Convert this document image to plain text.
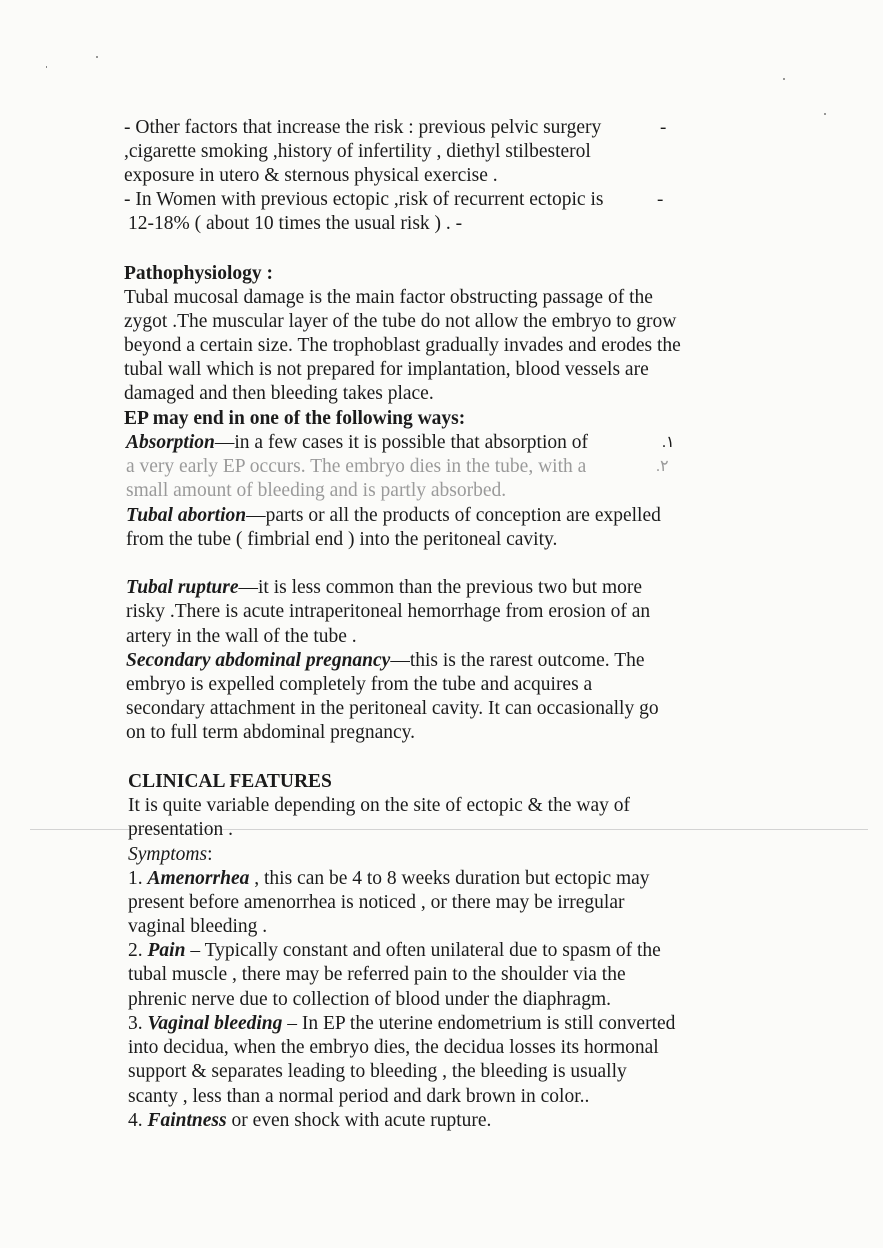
- Other factors that increase the risk : previous pelvic surgery	-
,cigarette smoking ,history of infertility , diethyl stilbesterol
exposure in utero & sternous physical exercise .
- In Women with previous ectopic ,risk of recurrent ectopic is	-
12-18% ( about 10 times the usual risk ) . -
Pathophysiology :
Tubal mucosal damage is the main factor obstructing passage of the
zygot .The muscular layer of the tube do not allow the embryo to grow
beyond a certain size. The trophoblast gradually invades and erodes the
tubal wall which is not prepared for implantation, blood vessels are
damaged and then bleeding takes place.
EP may end in one of the following ways:
Absorption—in a few cases it is possible that absorption of	.١
a very early EP occurs. The embryo dies in the tube, with a	.٢
small amount of bleeding and is partly absorbed.
Tubal abortion—parts or all the products of conception are expelled
from the tube ( fimbrial end ) into the peritoneal cavity.
Tubal rupture—it is less common than the previous two but more
risky .There is acute intraperitoneal hemorrhage from erosion of an
artery in the wall of the tube .
Secondary abdominal pregnancy—this is the rarest outcome. The
embryo is expelled completely from the tube and acquires a
secondary attachment in the peritoneal cavity. It can occasionally go
on to full term abdominal pregnancy.
CLINICAL FEATURES
It is quite variable depending on the site of ectopic & the way of
presentation .
Symptoms:
1. Amenorrhea , this can be 4 to 8 weeks duration but ectopic may
present before amenorrhea is noticed , or there may be irregular
vaginal bleeding .
2. Pain – Typically constant and often unilateral due to spasm of the
tubal muscle , there may be referred pain to the shoulder via the
phrenic nerve due to collection of blood under the diaphragm.
3. Vaginal bleeding – In EP the uterine endometrium is still converted
into decidua, when the embryo dies, the decidua losses its hormonal
support & separates leading to bleeding , the bleeding is usually
scanty , less than a normal period and dark brown in color..
4. Faintness or even shock with acute rupture.
